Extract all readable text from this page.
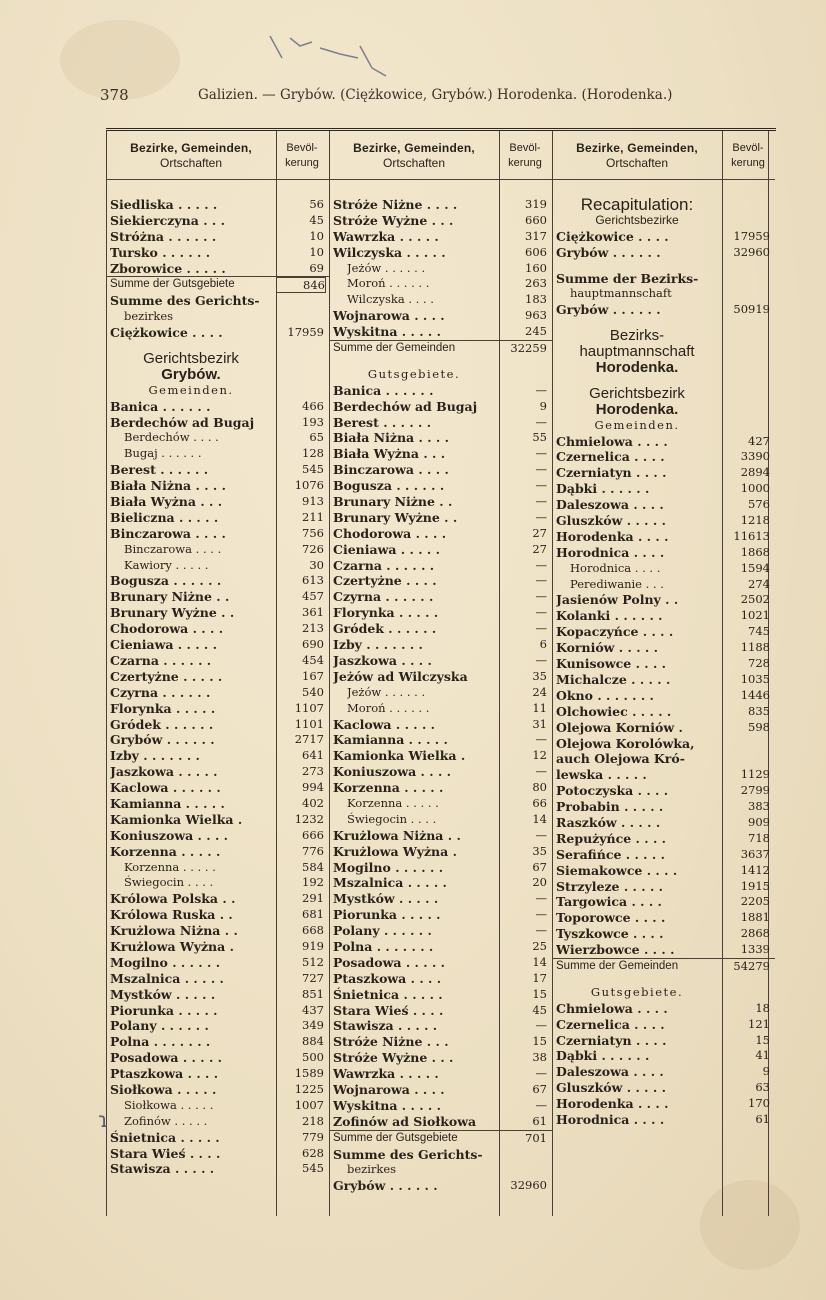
378	Galizien. — Grybów. (Ciężkowice, Grybów.) Horodenka. (Horodenka.)
Bezirke, Gemeinden,
Ortschaften
Bevöl-
kerung
Siedliska . . . . .	56
Siekierczyna . . .	45
Stróżna . . . . . .	10
Tursko . . . . . .	10
Zborowice . . . . .	69
Summe der Gutsgebiete	846
Summe des Gerichts-
bezirkes
Ciężkowice . . . .	17959
Gerichtsbezirk
Grybów.
Gemeinden.
Banica . . . . . .	466
Berdechów ad Bugaj	193
Berdechów . . . .	65
Bugaj . . . . . .	128
Berest . . . . . .	545
Biała Niżna . . . .	1076
Biała Wyżna . . .	913
Bieliczna . . . . .	211
Binczarowa . . . .	756
Binczarowa . . . .	726
Kawiory . . . . .	30
Bogusza . . . . . .	613
Brunary Niżne . .	457
Brunary Wyżne . .	361
Chodorowa . . . .	213
Cieniawa . . . . .	690
Czarna . . . . . .	454
Czertyżne . . . . .	167
Czyrna . . . . . .	540
Florynka . . . . .	1107
Gródek . . . . . .	1101
Grybów . . . . . .	2717
Izby . . . . . . .	641
Jaszkowa . . . . .	273
Kaclowa . . . . . .	994
Kamianna . . . . .	402
Kamionka Wielka .	1232
Koniuszowa . . . .	666
Korzenna . . . . .	776
Korzenna . . . . .	584
Świegocin . . . .	192
Królowa Polska . .	291
Królowa Ruska . .	681
Krużlowa Niżna . .	668
Krużlowa Wyżna .	919
Mogilno . . . . . .	512
Mszalnica . . . . .	727
Mystków . . . . .	851
Piorunka . . . . .	437
Polany . . . . . .	349
Polna . . . . . . .	884
Posadowa . . . . .	500
Ptaszkowa . . . .	1589
Siołkowa . . . . .	1225
Siołkowa . . . . .	1007
Zofinów . . . . .	218
Śnietnica . . . . .	779
Stara Wieś . . . .	628
Stawisza . . . . .	545
Bezirke, Gemeinden,
Ortschaften
Bevöl-
kerung
Stróże Niżne . . . .	319
Stróże Wyżne . . .	660
Wawrzka . . . . .	317
Wilczyska . . . . .	606
Jeżów . . . . . .	160
Moroń . . . . . .	263
Wilczyska . . . .	183
Wojnarowa . . . .	963
Wyskitna . . . . .	245
Summe der Gemeinden	32259
Gutsgebiete.
Banica . . . . . .	—
Berdechów ad Bugaj	9
Berest . . . . . .	—
Biała Niżna . . . .	55
Biała Wyżna . . .	—
Binczarowa . . . .	—
Bogusza . . . . . .	—
Brunary Niżne . .	—
Brunary Wyżne . .	—
Chodorowa . . . .	27
Cieniawa . . . . .	27
Czarna . . . . . .	—
Czertyżne . . . .	—
Czyrna . . . . . .	—
Florynka . . . . .	—
Gródek . . . . . .	—
Izby . . . . . . .	6
Jaszkowa . . . .	—
Jeżów ad Wilczyska	35
Jeżów . . . . . .	24
Moroń . . . . . .	11
Kaclowa . . . . .	31
Kamianna . . . . .	—
Kamionka Wielka .	12
Koniuszowa . . . .	—
Korzenna . . . . .	80
Korzenna . . . . .	66
Świegocin . . . .	14
Krużlowa Niżna . .	—
Krużlowa Wyżna .	35
Mogilno . . . . . .	67
Mszalnica . . . . .	20
Mystków . . . . .	—
Piorunka . . . . .	—
Polany . . . . . .	—
Polna . . . . . . .	25
Posadowa . . . . .	14
Ptaszkowa . . . .	17
Śnietnica . . . . .	15
Stara Wieś . . . .	45
Stawisza . . . . .	—
Stróże Niżne . . .	15
Stróże Wyżne . . .	38
Wawrzka . . . . .	—
Wojnarowa . . . .	67
Wyskitna . . . . .	—
Zofinów ad Siołkowa	61
Summe der Gutsgebiete	701
Summe des Gerichts-
bezirkes
Grybów . . . . . .	32960
Bezirke, Gemeinden,
Ortschaften
Bevöl-
kerung
Recapitulation:
Gerichtsbezirke
Ciężkowice . . . .	17959
Grybów . . . . . .	32960
Summe der Bezirks-
hauptmannschaft
Grybów . . . . . .	50919
Bezirks-
hauptmannschaft
Horodenka.
Gerichtsbezirk
Horodenka.
Gemeinden.
Chmielowa . . . .	427
Czernelica . . . .	3390
Czerniatyn . . . .	2894
Dąbki . . . . . .	1000
Daleszowa . . . .	576
Gluszków . . . . .	1218
Horodenka . . . .	11613
Horodnica . . . .	1868
Horodnica . . . .	1594
Perediwanie . . .	274
Jasienów Polny . .	2502
Kolanki . . . . . .	1021
Kopaczyńce . . . .	745
Korniów . . . . .	1188
Kunisowce . . . .	728
Michalcze . . . . .	1035
Okno . . . . . . .	1446
Olchowiec . . . . .	835
Olejowa Korniów .	598
Olejowa Korolówka,
auch Olejowa Kró-
lewska . . . . .	1129
Potoczyska . . . .	2799
Probabin . . . . .	383
Raszków . . . . .	909
Repużyńce . . . .	718
Serafińce . . . . .	3637
Siemakowce . . . .	1412
Strzyleze . . . . .	1915
Targowica . . . .	2205
Toporowce . . . .	1881
Tyszkowce . . . .	2868
Wierzbowce . . . .	1339
Summe der Gemeinden	54279
Gutsgebiete.
Chmielowa . . . .	18
Czernelica . . . .	121
Czerniatyn . . . .	15
Dąbki . . . . . .	41
Daleszowa . . . .	9
Gluszków . . . . .	63
Horodenka . . . .	170
Horodnica . . . .	61
ɿ
